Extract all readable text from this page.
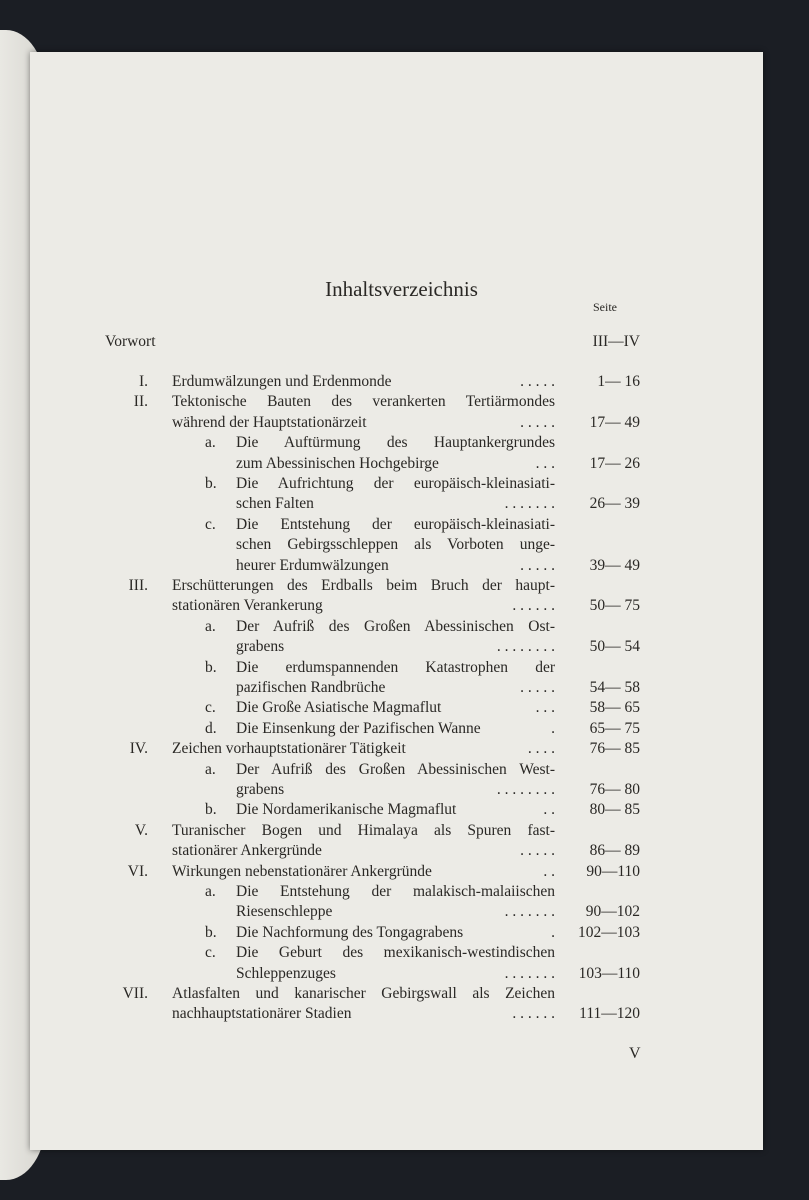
Inhaltsverzeichnis
Seite
Vorwort	III—IV
I. Erdumwälzungen und Erdenmonde	. . . . .	1— 16
II. Tektonische Bauten des verankerten Tertiärmondes
während der Hauptstationärzeit	. . . . .	17— 49
a.	Die Auftürmung des Hauptankergrundes
zum Abessinischen Hochgebirge	. . .	17— 26
b.	Die Aufrichtung der europäisch-kleinasiati-
schen Falten	. . . . . . .	26— 39
c.	Die Entstehung der europäisch-kleinasiati-
schen Gebirgsschleppen als Vorboten unge-
heurer Erdumwälzungen	. . . . .	39— 49
III. Erschütterungen des Erdballs beim Bruch der haupt-
stationären Verankerung	. . . . . .	50— 75
a.	Der Aufriß des Großen Abessinischen Ost-
grabens	. . . . . . . .	50— 54
b.	Die erdumspannenden Katastrophen der
pazifischen Randbrüche	. . . . .	54— 58
c.	Die Große Asiatische Magmaflut	. . .	58— 65
d.	Die Einsenkung der Pazifischen Wanne	.	65— 75
IV. Zeichen vorhauptstationärer Tätigkeit	. . . .	76— 85
a.	Der Aufriß des Großen Abessinischen West-
grabens	. . . . . . . .	76— 80
b.	Die Nordamerikanische Magmaflut	. .	80— 85
V. Turanischer Bogen und Himalaya als Spuren fast-
stationärer Ankergründe	. . . . .	86— 89
VI. Wirkungen nebenstationärer Ankergründe	. .	90—110
a.	Die Entstehung der malakisch-malaiischen
Riesenschleppe	. . . . . . .	90—102
b.	Die Nachformung des Tongagrabens	.	102—103
c.	Die Geburt des mexikanisch-westindischen
Schleppenzuges	. . . . . . .	103—110
VII. Atlasfalten und kanarischer Gebirgswall als Zeichen
nachhauptstationärer Stadien	. . . . . .	111—120
V
